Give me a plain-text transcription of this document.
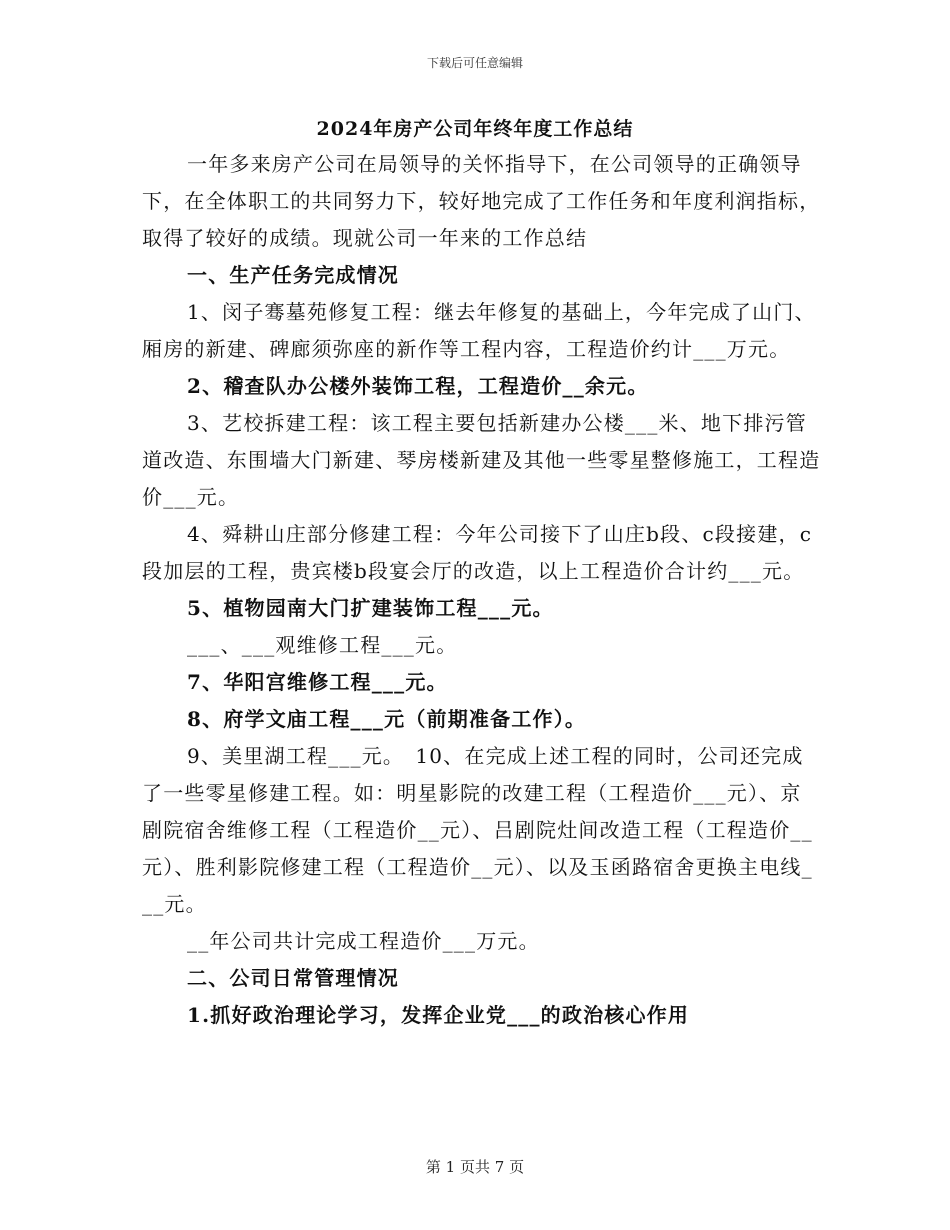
下载后可任意编辑
2024年房产公司年终年度工作总结

一年多来房产公司在局领导的关怀指导下，在公司领导的正确领导下，在全体职工的共同努力下，较好地完成了工作任务和年度利润指标，取得了较好的成绩。现就公司一年来的工作总结

一、生产任务完成情况

1、闵子骞墓苑修复工程：继去年修复的基础上，今年完成了山门、厢房的新建、碑廊须弥座的新作等工程内容，工程造价约计___万元。

2、稽查队办公楼外装饰工程，工程造价__余元。

3、艺校拆建工程：该工程主要包括新建办公楼___米、地下排污管道改造、东围墙大门新建、琴房楼新建及其他一些零星整修施工，工程造价___元。

4、舜耕山庄部分修建工程：今年公司接下了山庄b段、c段接建，c段加层的工程，贵宾楼b段宴会厅的改造，以上工程造价合计约___元。

5、植物园南大门扩建装饰工程___元。

___、___观维修工程___元。

7、华阳宫维修工程___元。

8、府学文庙工程___元（前期准备工作）。

9、美里湖工程___元。　10、在完成上述工程的同时，公司还完成了一些零星修建工程。如：明星影院的改建工程（工程造价___元）、京剧院宿舍维修工程（工程造价__元）、吕剧院灶间改造工程（工程造价__元）、胜利影院修建工程（工程造价__元）、以及玉函路宿舍更换主电线___元。

__年公司共计完成工程造价___万元。

二、公司日常管理情况

1.抓好政治理论学习，发挥企业党___的政治核心作用

第 1 页共 7 页
